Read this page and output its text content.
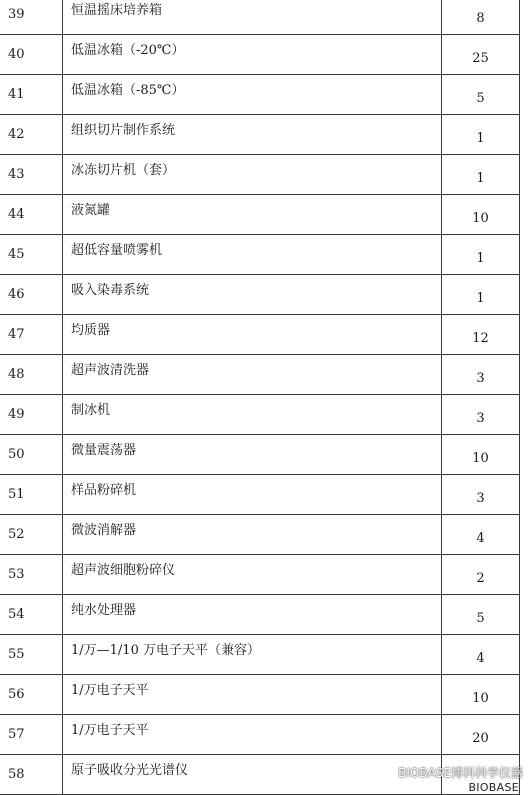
39	恒温摇床培养箱	8

40	低温冰箱（-20℃）	25

41	低温冰箱（-85℃）	5

42	组织切片制作系统	1

43	冰冻切片机（套）	1

44	液氮罐	10

45	超低容量喷雾机	1

46	吸入染毒系统	1

47	均质器	12

48	超声波清洗器	3

49	制冰机	3

50	微量震荡器	10

51	样品粉碎机	3

52	微波消解器	4

53	超声波细胞粉碎仪	2

54	纯水处理器	5

55	1/万—1/10 万电子天平（兼容）	4

56	1/万电子天平	10

57	1/万电子天平	20

58	原子吸收分光光谱仪	
		BIOBASE博科科学仪器
BIOBASE
